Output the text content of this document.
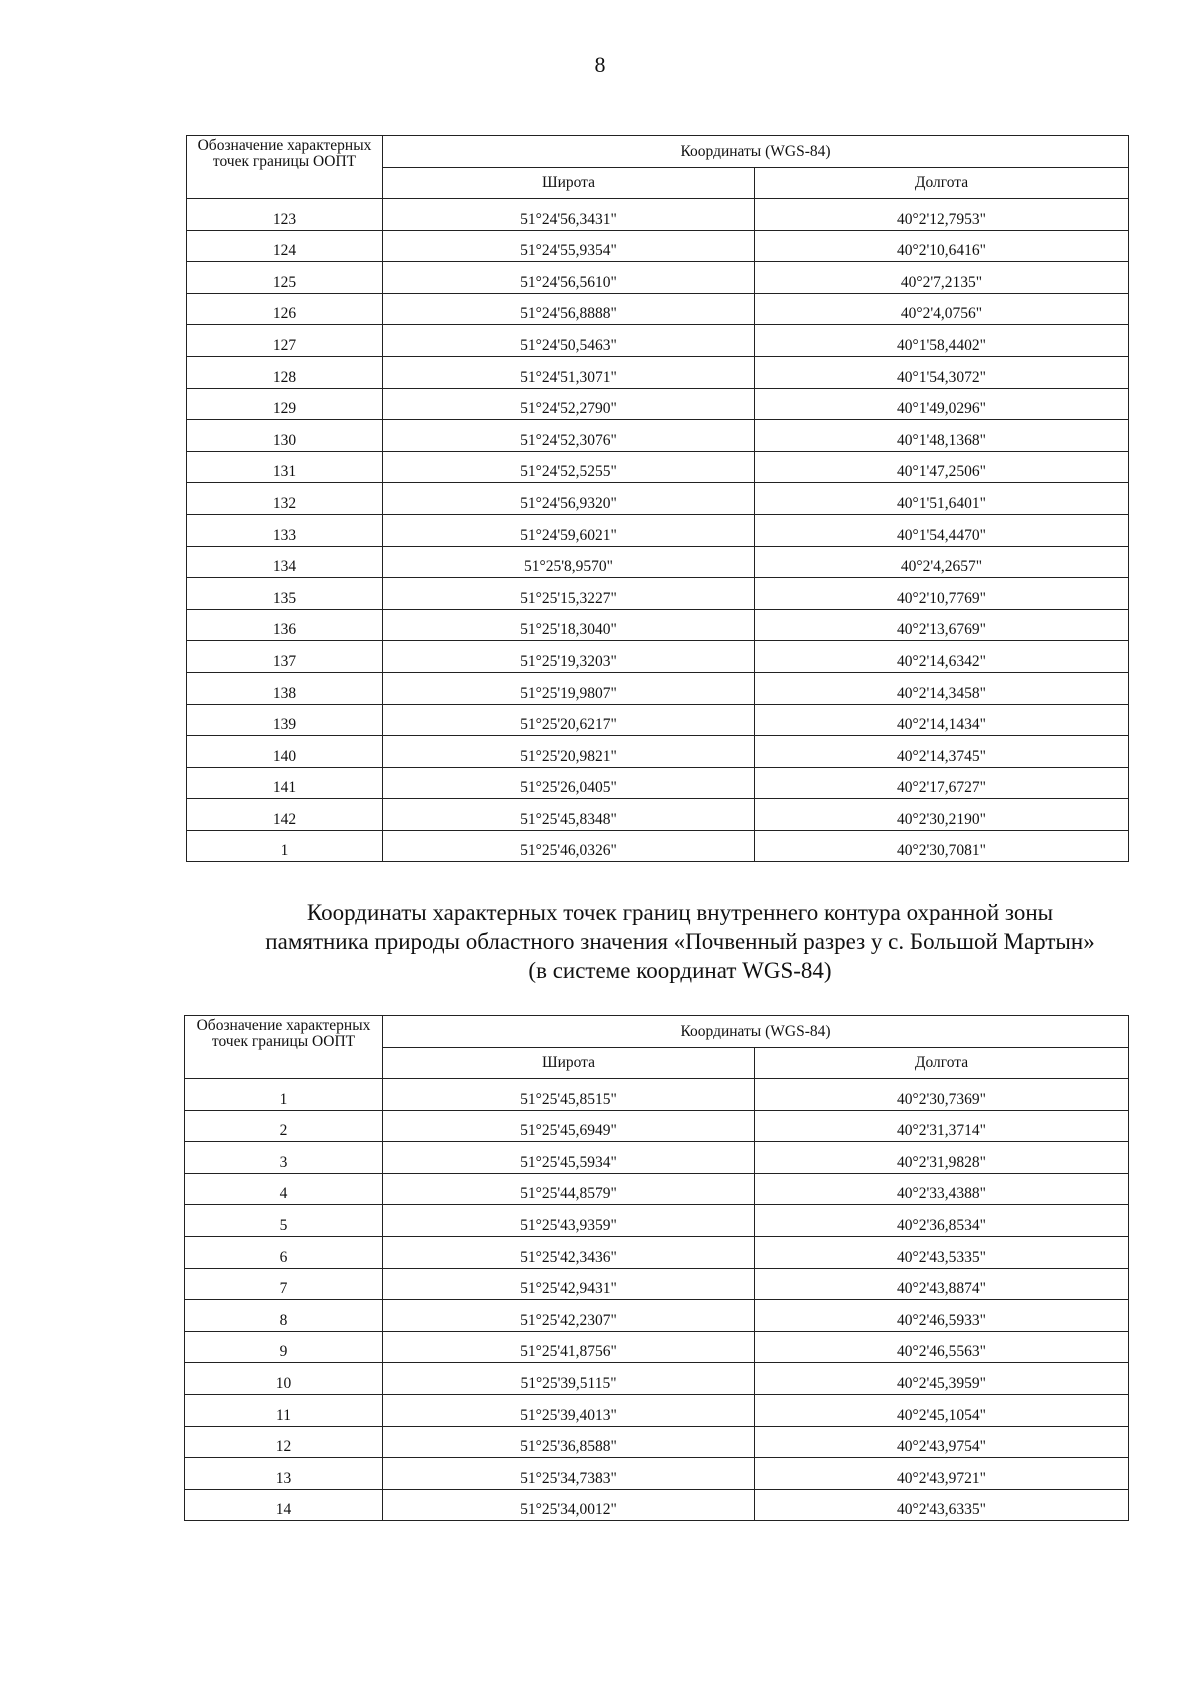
8
Обозначение характерных точек границы ООПТ	Координаты (WGS-84)	
	Широта	Долгота
123	51°24'56,3431"	40°2'12,7953"
124	51°24'55,9354"	40°2'10,6416"
125	51°24'56,5610"	40°2'7,2135"
126	51°24'56,8888"	40°2'4,0756"
127	51°24'50,5463"	40°1'58,4402"
128	51°24'51,3071"	40°1'54,3072"
129	51°24'52,2790"	40°1'49,0296"
130	51°24'52,3076"	40°1'48,1368"
131	51°24'52,5255"	40°1'47,2506"
132	51°24'56,9320"	40°1'51,6401"
133	51°24'59,6021"	40°1'54,4470"
134	51°25'8,9570"	40°2'4,2657"
135	51°25'15,3227"	40°2'10,7769"
136	51°25'18,3040"	40°2'13,6769"
137	51°25'19,3203"	40°2'14,6342"
138	51°25'19,9807"	40°2'14,3458"
139	51°25'20,6217"	40°2'14,1434"
140	51°25'20,9821"	40°2'14,3745"
141	51°25'26,0405"	40°2'17,6727"
142	51°25'45,8348"	40°2'30,2190"
1	51°25'46,0326"	40°2'30,7081"
Координаты характерных точек границ внутреннего контура охранной зоны
памятника природы областного значения «Почвенный разрез у с. Большой Мартын»
(в системе координат WGS-84)
Обозначение характерных точек границы ООПТ	Координаты (WGS-84)	
	Широта	Долгота
1	51°25'45,8515"	40°2'30,7369"
2	51°25'45,6949"	40°2'31,3714"
3	51°25'45,5934"	40°2'31,9828"
4	51°25'44,8579"	40°2'33,4388"
5	51°25'43,9359"	40°2'36,8534"
6	51°25'42,3436"	40°2'43,5335"
7	51°25'42,9431"	40°2'43,8874"
8	51°25'42,2307"	40°2'46,5933"
9	51°25'41,8756"	40°2'46,5563"
10	51°25'39,5115"	40°2'45,3959"
11	51°25'39,4013"	40°2'45,1054"
12	51°25'36,8588"	40°2'43,9754"
13	51°25'34,7383"	40°2'43,9721"
14	51°25'34,0012"	40°2'43,6335"
